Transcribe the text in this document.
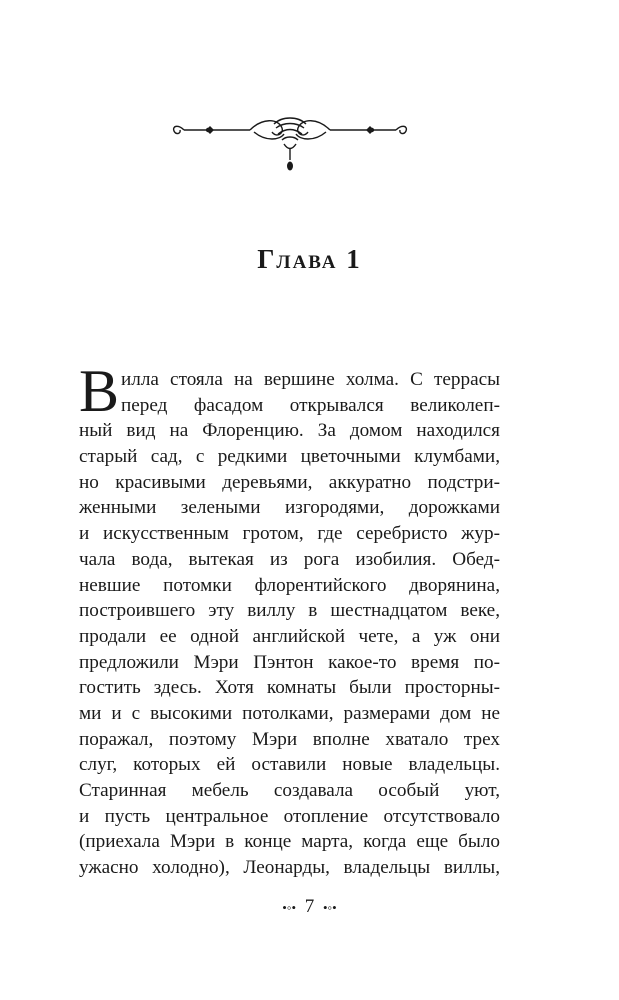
Глава 1
В илла стояла на вершине холма. С террасы
перед фасадом открывался великолеп-
ный вид на Флоренцию. За домом находился
старый сад, с редкими цветочными клумбами,
но красивыми деревьями, аккуратно подстри-
женными зелеными изгородями, дорожками
и искусственным гротом, где серебристо жур-
чала вода, вытекая из рога изобилия. Обед-
невшие потомки флорентийского дворянина,
построившего эту виллу в шестнадцатом веке,
продали ее одной английской чете, а уж они
предложили Мэри Пэнтон какое-то время по-
гостить здесь. Хотя комнаты были просторны-
ми и с высокими потолками, размерами дом не
поражал, поэтому Мэри вполне хватало трех
слуг, которых ей оставили новые владельцы.
Старинная мебель создавала особый уют,
и пусть центральное отопление отсутствовало
(приехала Мэри в конце марта, когда еще было
ужасно холодно), Леонарды, владельцы виллы,
•◦• 7 •◦•
